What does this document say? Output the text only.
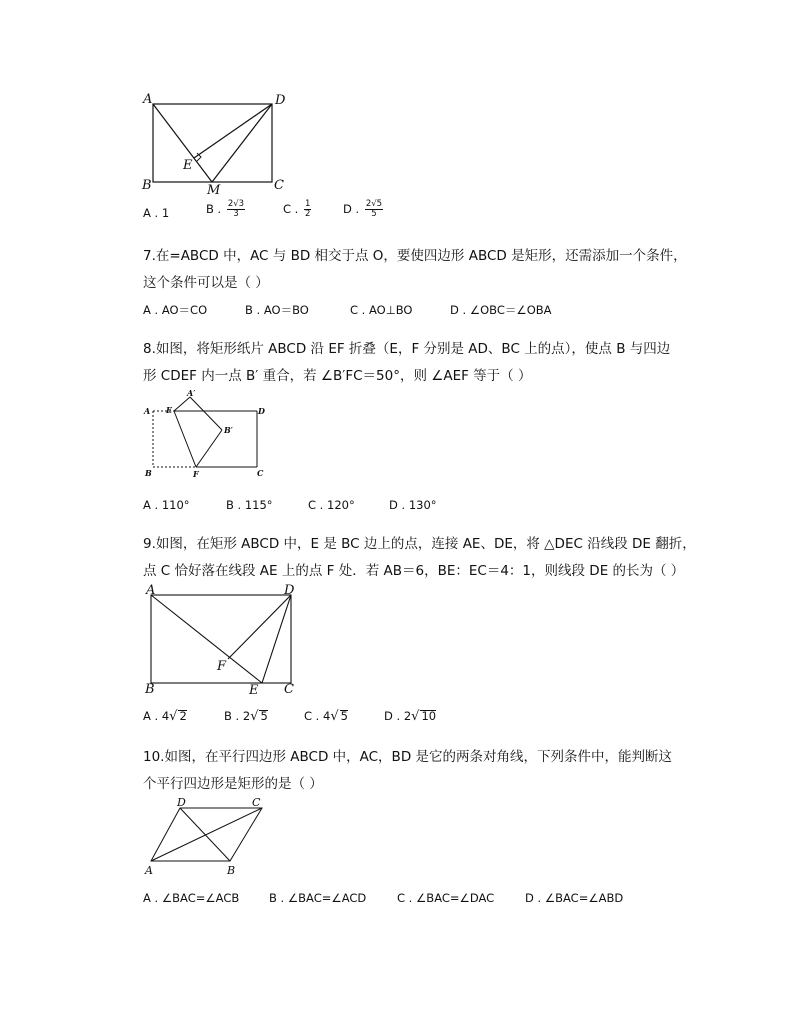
A	D
E
B	M	C
A . 1	B . $\frac{2√3}{3}$	C . $\frac{1}{2}$	D . $\frac{2√5}{5}$
7.在=ABCD 中，AC 与 BD 相交于点 O，要使四边形 ABCD 是矩形，还需添加一个条件，
这个条件可以是（ ）
A . AO＝CO	B . AO＝BO	C . AO⊥BO	D . ∠OBC＝∠OBA
8.如图，将矩形纸片 ABCD 沿 EF 折叠（E，F 分别是 AD、BC 上的点），使点 B 与四边
形 CDEF 内一点 B′ 重合，若 ∠B′FC＝50°，则 ∠AEF 等于（ ）
A E
A′
D
B′
B	F	C
A . 110°	B . 115°	C . 120°	D . 130°
9.如图，在矩形 ABCD 中，E 是 BC 边上的点，连接 AE、DE，将 △DEC 沿线段 DE 翻折，
点 C 恰好落在线段 AE 上的点 F 处．若 AB＝6，BE：EC＝4：1，则线段 DE 的长为（ ）
A	D
F
B	E C
A . 4√ 2	B . 2√ 5	C . 4√ 5	D . 2√ 10
10.如图，在平行四边形 ABCD 中，AC，BD 是它的两条对角线，下列条件中，能判断这
个平行四边形是矩形的是（ ）
D	C
A	B
A . ∠BAC=∠ACB	B . ∠BAC=∠ACD	C . ∠BAC=∠DAC	D . ∠BAC=∠ABD
